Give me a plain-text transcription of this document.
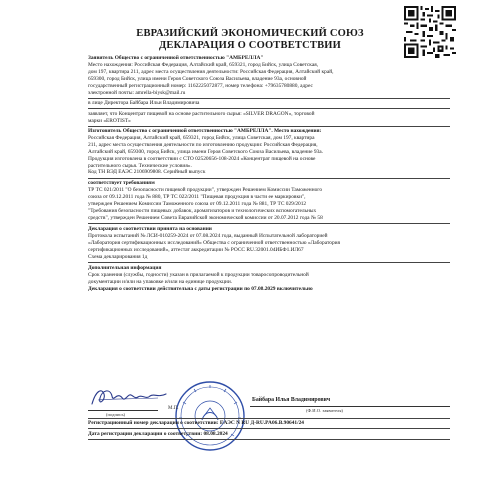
ЕВРАЗИЙСКИЙ ЭКОНОМИЧЕСКИЙ СОЮЗ
ДЕКЛАРАЦИЯ О СООТВЕТСТВИИ
Заявитель Общество с ограниченной ответственностью "АМБРЕЛЛА"
Место нахождения: Российская Федерация, Алтайский край, 659321, город Бийск, улица Советская,
дом 197, квартира 211, адрес места осуществления деятельности: Российская Федерация, Алтайский край,
659300, город Бийск, улица имени Героя Советского Союза Васильева, владение 93а, основной
государственный регистрационный номер: 1162225072877, номер телефона: +79635780880, адрес
электронной почты: amrella-biysk@mail.ru
в лице Директора Байбара Ильи Владимировича
заявляет, что Концентрат пищевой на основе растительного сырья: «SILVER DRAGON», торговой
марки «EROTIST»
Изготовитель Общество с ограниченной ответственностью "АМБРЕЛЛА". Место нахождения:
Российская Федерация, Алтайский край, 659321, город Бийск, улица Советская, дом 197, квартира
211, адрес места осуществления деятельности по изготовлению продукции: Российская Федерация,
Алтайский край, 659300, город Бийск, улица имени Героя Советского Союза Васильева, владение 93а.
Продукция изготовлена в соответствии с СТО 02520656-108-2024 «Концентрат пищевой на основе
растительного сырья. Технические условия».
Код ТН ВЭД ЕАЭС 2106909808. Серийный выпуск
соответствует требованиям
ТР ТС 021/2011 "О безопасности пищевой продукции", утвержден Решением Комиссии Таможенного
союза от 09.12.2011 года № 880, ТР ТС 022/2011 "Пищевая продукция в части ее маркировки",
утвержден Решением Комиссии Таможенного союза от 09.12.2011 года № 881, ТР ТС 029/2012
"Требования безопасности пищевых добавок, ароматизаторов и технологических вспомогательных
средств", утвержден Решением Совета Евразийской экономической комиссии от 20.07.2012 года № 58
Декларация о соответствии принята на основании
Протокола испытаний № ЛСИ-010259-2024 от 07.08.2024 года, выданный Испытательной лабораторией
«Лаборатория сертификационных исследований» Общества с ограниченной ответственностью «Лаборатория
сертификационных исследований», аттестат аккредитации № РОСС RU.32001.04ИБФ1.ИЛ67
Схема декларирования 1д
Дополнительная информация
Срок хранения (службы, годности) указан в прилагаемой к продукции товаросопроводительной
документации и/или на упаковке и/или на единице продукции.
Декларация о соответствии действительна с даты регистрации по 07.08.2029 включительно
(подпись)
М.П.
Байбара Илья Владимирович
(Ф.И.О. заявителя)
Регистрационный номер декларации о соответствии: ЕАЭС N RU Д-RU.PA06.B.90641/24
Дата регистрации декларации о соответствии: 08.08.2024
